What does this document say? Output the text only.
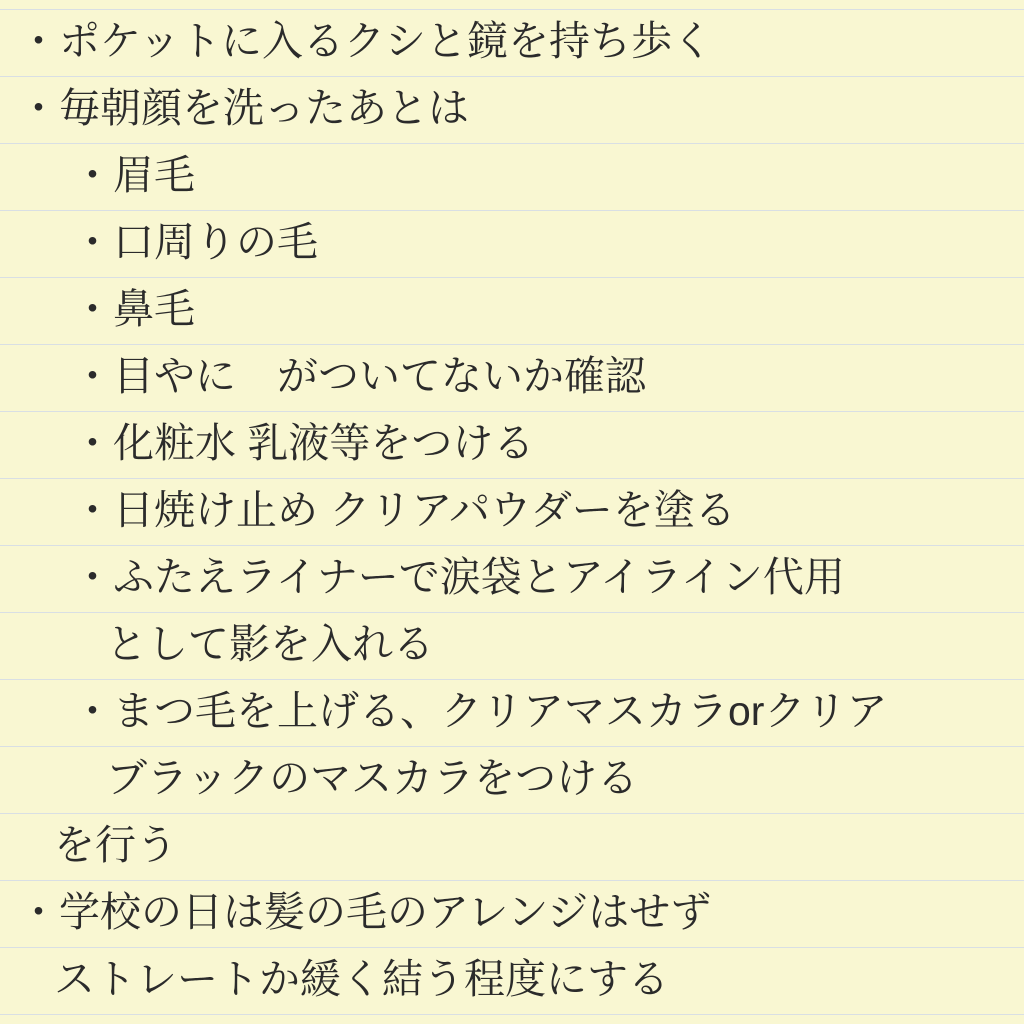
・ポケットに入るクシと鏡を持ち歩く
・毎朝顔を洗ったあとは
・眉毛
・口周りの毛
・鼻毛
・目やに　がついてないか確認
・化粧水 乳液等をつける
・日焼け止め クリアパウダーを塗る
・ふたえライナーで涙袋とアイライン代用
として影を入れる
・まつ毛を上げる、クリアマスカラorクリア
ブラックのマスカラをつける
を行う
・学校の日は髪の毛のアレンジはせず
ストレートか緩く結う程度にする
